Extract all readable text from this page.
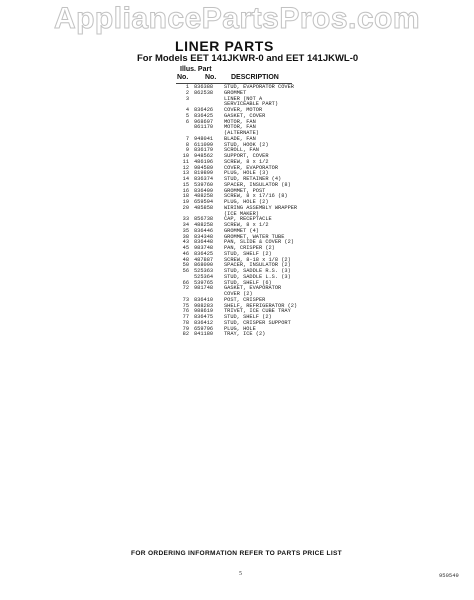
AppliancePartsPros.com
LINER PARTS
For Models EET 141JKWR-0 and EET 141JKWL-0
Illus. Part
No. No. DESCRIPTION
1 836388	STUD, EVAPORATOR COVER
2 862538	GROMMET
3	LINER (NOT A
SERVICEABLE PART)
4 836426	COVER, MOTOR
5 836425	GASKET, COVER
6 968697	MOTOR, FAN
861170	MOTOR, FAN
(ALTERNATE)
7 948041	BLADE, FAN
8 611099	STUD, HOOK (2)
9 836179	SCROLL, FAN
10 948562	SUPPORT, COVER
11 486196	SCREW, 8 x 1/2
12 984589	COVER, EVAPORATOR
13 819899	PLUG, HOLE (3)
14 836374	STUD, RETAINER (4)
15 539760	SPACER, INSULATOR (8)
16 836409	GROMMET, POST
18 488258	SCREW, 8 x 17/16 (8)
19 659594	PLUG, HOLE (2)
20 485858	WIRING ASSEMBLY WRAPPER
(ICE MAKER)
33 856738	CAP, RECEPTACLE
34 488258	SCREW, 8 x 1/2
35 836446	GROMMET (4)
38 834348	GROMMET, WATER TUBE
43 836448	PAN, SLIDE & COVER (2)
45 983748	PAN, CRISPER (2)
46 836425	STUD, SHELF (2)
48 487887	SCREW, 8-18 x 1/8 (2)
50 868090	SPACER, INSULATOR (2)
56 525363	STUD, SADDLE R.S. (3)
525364	STUD, SADDLE L.S. (3)
66 539765	STUD, SHELF (6)
72 981748	GASKET, EVAPORATOR
COVER (2)
73 836410	POST, CRISPER
75 988283	SHELF, REFRIGERATOR (2)
76 988619	TRIVET, ICE CUBE TRAY
77 836475	STUD, SHELF (2)
78 836412	STUD, CRISPER SUPPORT
79 659796	PLUG, HOLE
82 841180	TRAY, ICE (2)
FOR ORDERING INFORMATION REFER TO PARTS PRICE LIST
5	950549
